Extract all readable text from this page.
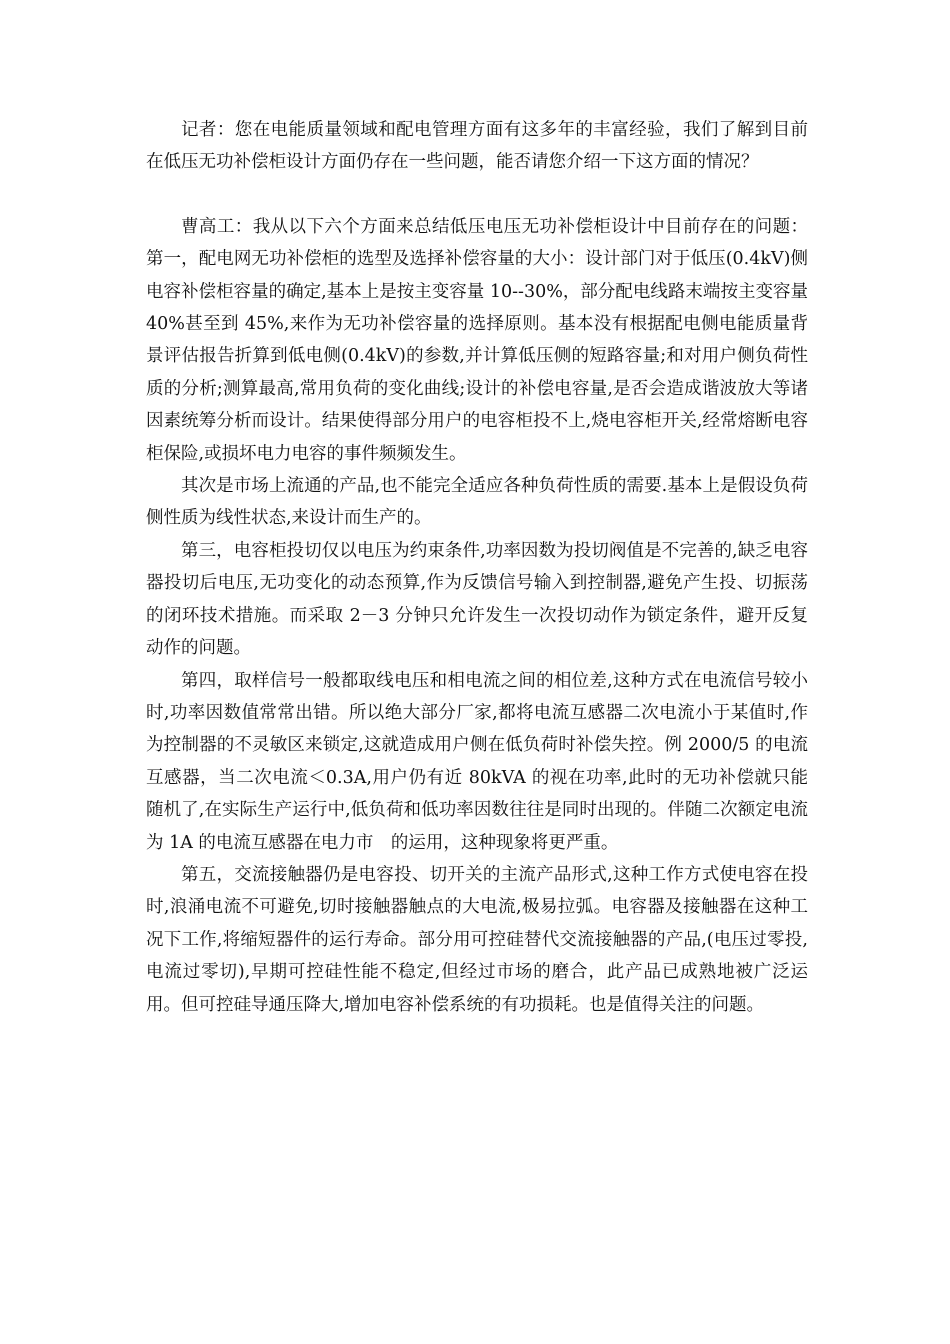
记者：您在电能质量领域和配电管理方面有这多年的丰富经验，我们了解到目前在低压无功补偿柜设计方面仍存在一些问题，能否请您介绍一下这方面的情况？

曹高工：我从以下六个方面来总结低压电压无功补偿柜设计中目前存在的问题：第一，配电网无功补偿柜的选型及选择补偿容量的大小：设计部门对于低压(0.4kV)侧电容补偿柜容量的确定,基本上是按主变容量 10--30%，部分配电线路末端按主变容量 40%甚至到 45%,来作为无功补偿容量的选择原则。基本没有根据配电侧电能质量背景评估报告折算到低电侧(0.4kV)的参数,并计算低压侧的短路容量;和对用户侧负荷性质的分析;测算最高,常用负荷的变化曲线;设计的补偿电容量,是否会造成谐波放大等诸因素统筹分析而设计。结果使得部分用户的电容柜投不上,烧电容柜开关,经常熔断电容柜保险,或损坏电力电容的事件频频发生。

其次是市场上流通的产品,也不能完全适应各种负荷性质的需要.基本上是假设负荷侧性质为线性状态,来设计而生产的。

第三，电容柜投切仅以电压为约束条件,功率因数为投切阀值是不完善的,缺乏电容器投切后电压,无功变化的动态预算,作为反馈信号输入到控制器,避免产生投、切振荡的闭环技术措施。而采取 2－3 分钟只允许发生一次投切动作为锁定条件，避开反复动作的问题。

第四，取样信号一般都取线电压和相电流之间的相位差,这种方式在电流信号较小时,功率因数值常常出错。所以绝大部分厂家,都将电流互感器二次电流小于某值时,作为控制器的不灵敏区来锁定,这就造成用户侧在低负荷时补偿失控。例 2000/5 的电流互感器，当二次电流＜0.3A,用户仍有近 80kVA 的视在功率,此时的无功补偿就只能随机了,在实际生产运行中,低负荷和低功率因数往往是同时出现的。伴随二次额定电流为 1A 的电流互感器在电力市　的运用，这种现象将更严重。

第五，交流接触器仍是电容投、切开关的主流产品形式,这种工作方式使电容在投时,浪涌电流不可避免,切时接触器触点的大电流,极易拉弧。电容器及接触器在这种工况下工作,将缩短器件的运行寿命。部分用可控硅替代交流接触器的产品,(电压过零投,电流过零切),早期可控硅性能不稳定,但经过市场的磨合，此产品已成熟地被广泛运用。但可控硅导通压降大,增加电容补偿系统的有功损耗。也是值得关注的问题。
